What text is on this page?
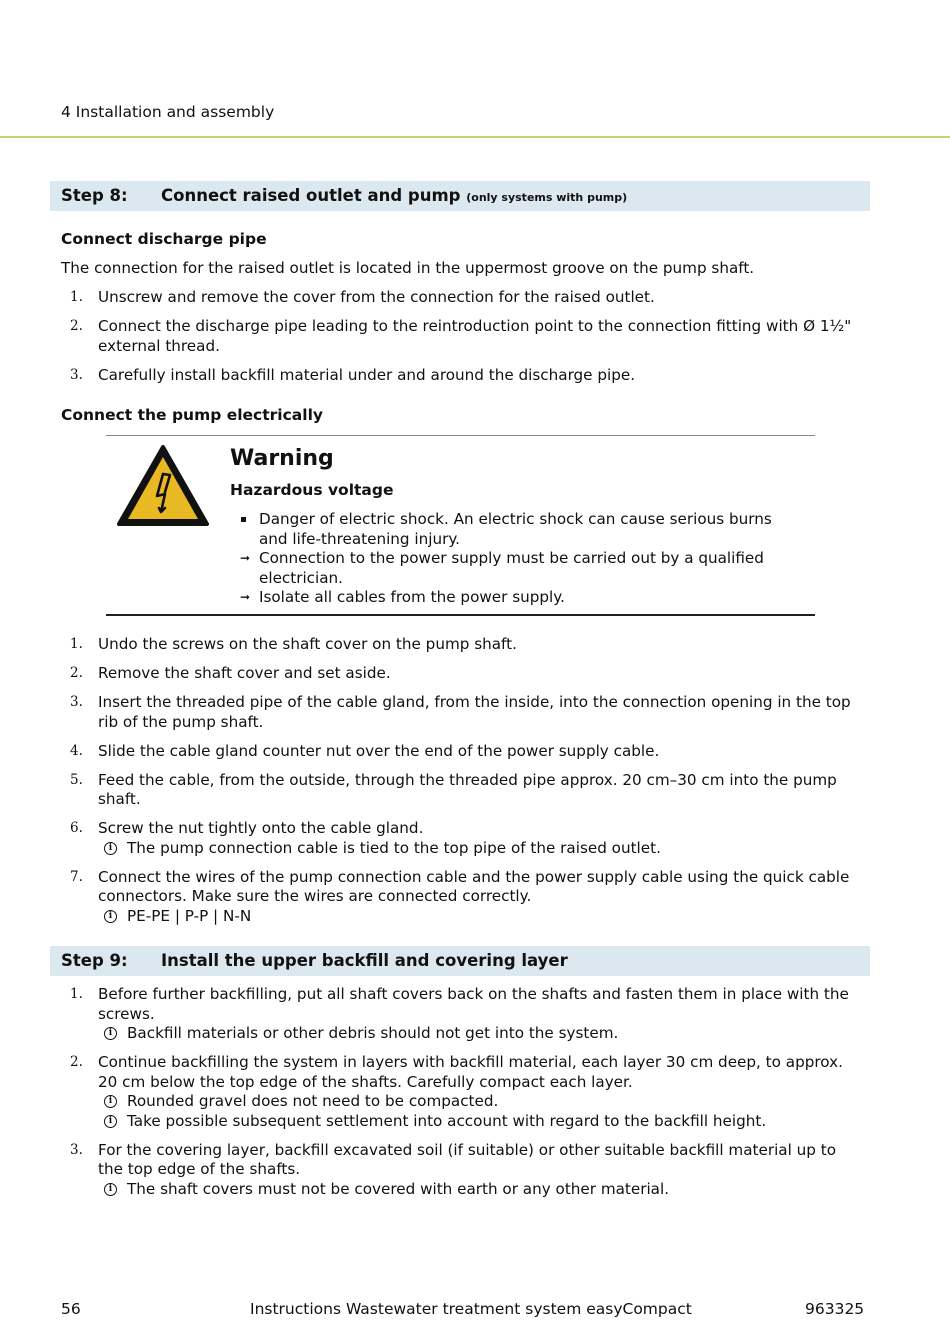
4 Installation and assembly
Step 8: Connect raised outlet and pump (only systems with pump)
Connect discharge pipe
The connection for the raised outlet is located in the uppermost groove on the pump shaft.
1. Unscrew and remove the cover from the connection for the raised outlet.
2. Connect the discharge pipe leading to the reintroduction point to the connection fitting with Ø 1½" external thread.
3. Carefully install backfill material under and around the discharge pipe.
Connect the pump electrically
Warning
Hazardous voltage
Danger of electric shock. An electric shock can cause serious burns and life-threatening injury.
➞ Connection to the power supply must be carried out by a qualified electrician.
➞ Isolate all cables from the power supply.
1. Undo the screws on the shaft cover on the pump shaft.
2. Remove the shaft cover and set aside.
3. Insert the threaded pipe of the cable gland, from the inside, into the connection opening in the top rib of the pump shaft.
4. Slide the cable gland counter nut over the end of the power supply cable.
5. Feed the cable, from the outside, through the threaded pipe approx. 20 cm–30 cm into the pump shaft.
6. Screw the nut tightly onto the cable gland.
i The pump connection cable is tied to the top pipe of the raised outlet.
7. Connect the wires of the pump connection cable and the power supply cable using the quick cable connectors. Make sure the wires are connected correctly.
i PE-PE | P-P | N-N
Step 9: Install the upper backfill and covering layer
1. Before further backfilling, put all shaft covers back on the shafts and fasten them in place with the screws.
i Backfill materials or other debris should not get into the system.
2. Continue backfilling the system in layers with backfill material, each layer 30 cm deep, to approx. 20 cm below the top edge of the shafts. Carefully compact each layer.
i Rounded gravel does not need to be compacted.
i Take possible subsequent settlement into account with regard to the backfill height.
3. For the covering layer, backfill excavated soil (if suitable) or other suitable backfill material up to the top edge of the shafts.
i The shaft covers must not be covered with earth or any other material.
56	Instructions Wastewater treatment system easyCompact	963325
